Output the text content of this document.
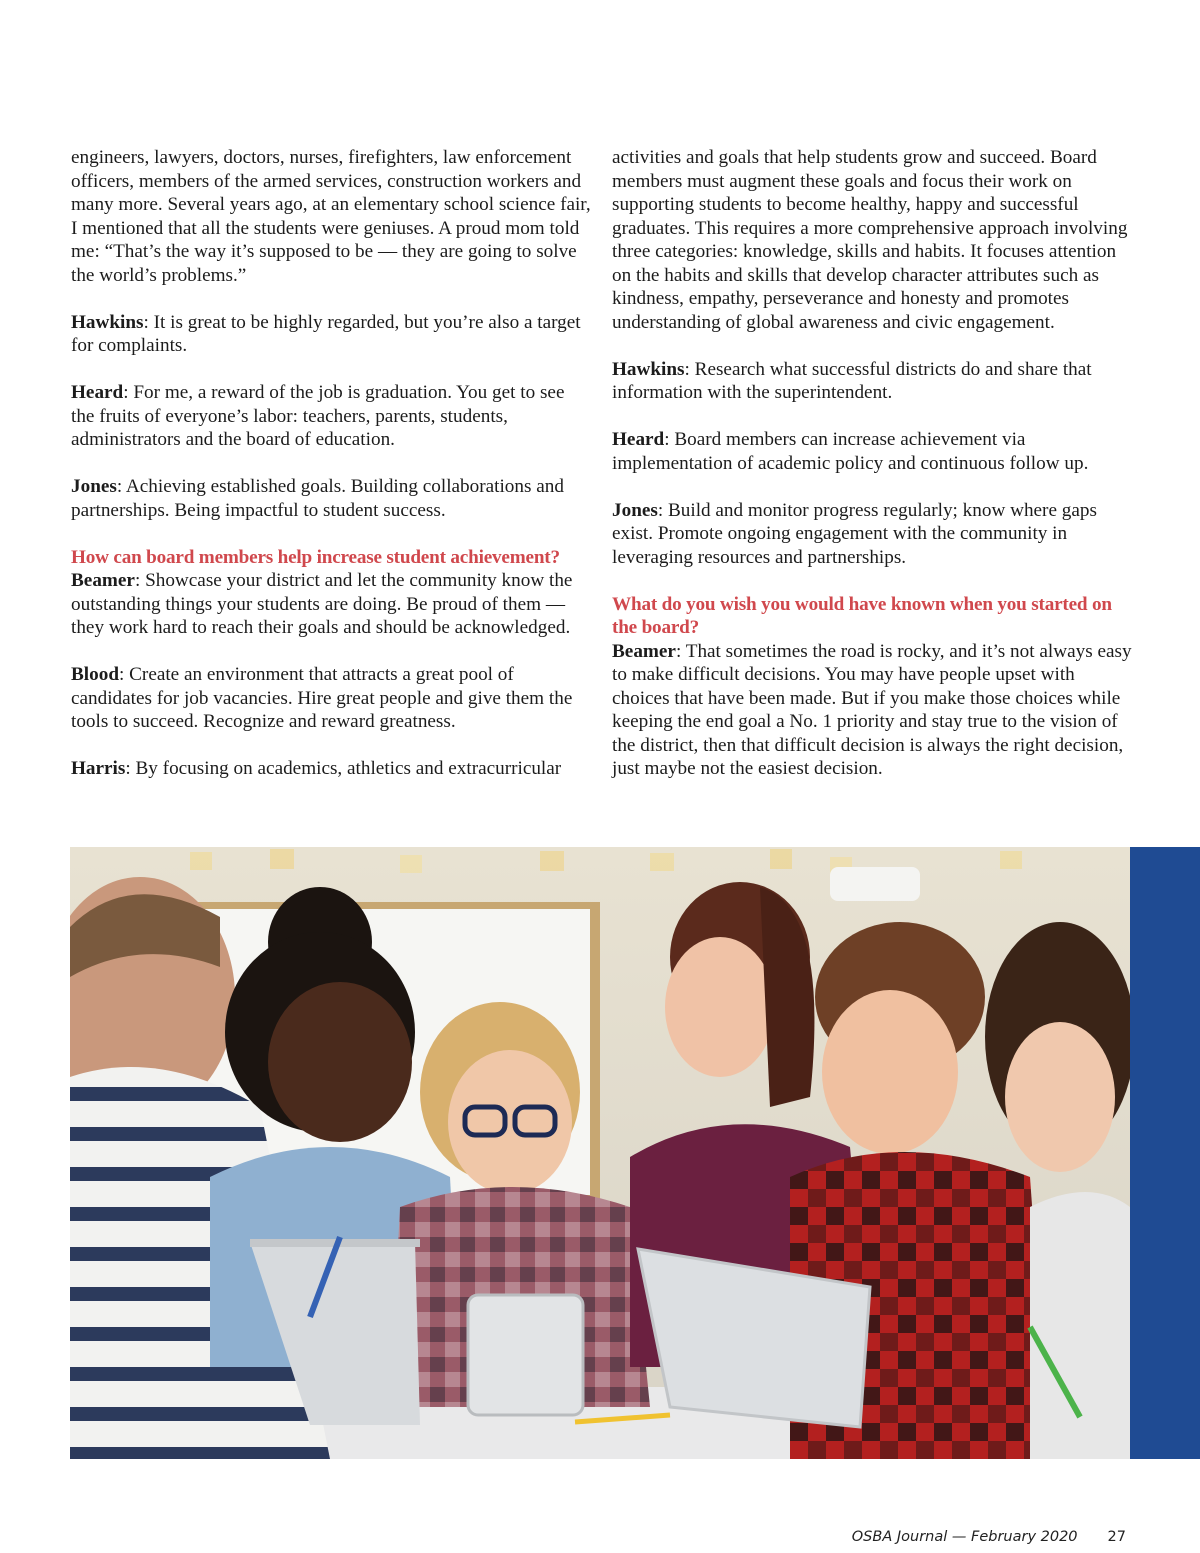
engineers, lawyers, doctors, nurses, firefighters, law enforcement officers, members of the armed services, construction workers and many more. Several years ago, at an elementary school science fair, I mentioned that all the students were geniuses. A proud mom told me: “That’s the way it’s supposed to be — they are going to solve the world’s problems.”

Hawkins: It is great to be highly regarded, but you’re also a target for complaints.

Heard: For me, a reward of the job is graduation. You get to see the fruits of everyone’s labor: teachers, parents, students, administrators and the board of education.

Jones: Achieving established goals. Building collaborations and partnerships. Being impactful to student success.

How can board members help increase student achievement?

Beamer: Showcase your district and let the community know the outstanding things your students are doing. Be proud of them — they work hard to reach their goals and should be acknowledged.

Blood: Create an environment that attracts a great pool of candidates for job vacancies. Hire great people and give them the tools to succeed. Recognize and reward greatness.

Harris: By focusing on academics, athletics and extracurricular

activities and goals that help students grow and succeed. Board members must augment these goals and focus their work on supporting students to become healthy, happy and successful graduates. This requires a more comprehensive approach involving three categories: knowledge, skills and habits. It focuses attention on the habits and skills that develop character attributes such as kindness, empathy, perseverance and honesty and promotes understanding of global awareness and civic engagement.

Hawkins: Research what successful districts do and share that information with the superintendent.

Heard: Board members can increase achievement via implementation of academic policy and continuous follow up.

Jones: Build and monitor progress regularly; know where gaps exist. Promote ongoing engagement with the community in leveraging resources and partnerships.

What do you wish you would have known when you started on the board?

Beamer: That sometimes the road is rocky, and it’s not always easy to make difficult decisions. You may have people upset with choices that have been made. But if you make those choices while keeping the end goal a No. 1 priority and stay true to the vision of the district, then that difficult decision is always the right decision, just maybe not the easiest decision.

OSBA Journal — February 2020 27
